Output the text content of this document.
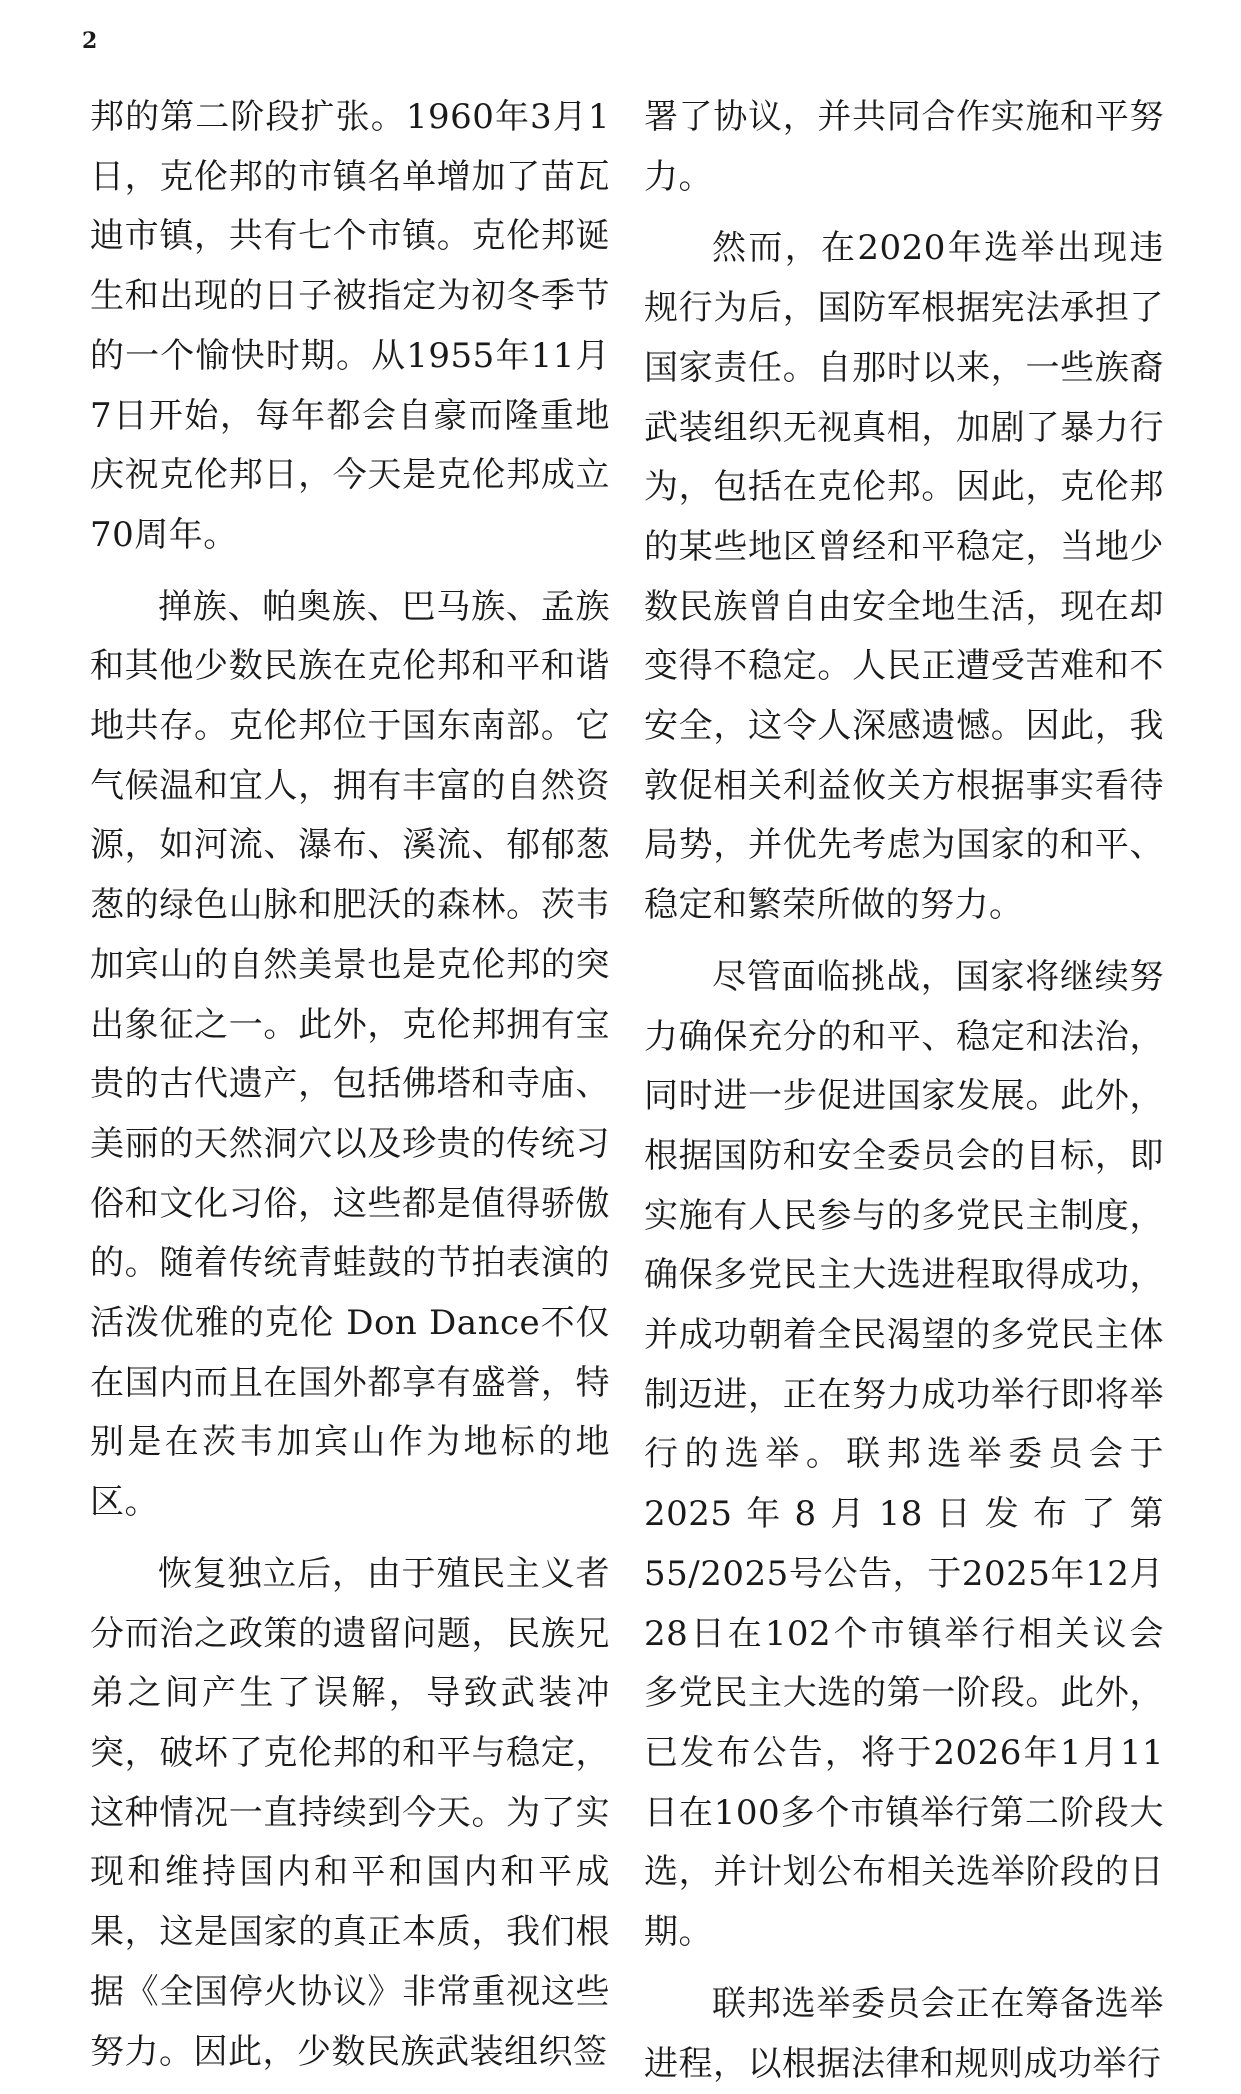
2

邦的第二阶段扩张。1960年3月1日，克伦邦的市镇名单增加了苗瓦迪市镇，共有七个市镇。克伦邦诞生和出现的日子被指定为初冬季节的一个愉快时期。从1955年11月7日开始，每年都会自豪而隆重地庆祝克伦邦日，今天是克伦邦成立70周年。

掸族、帕奥族、巴马族、孟族和其他少数民族在克伦邦和平和谐地共存。克伦邦位于国东南部。它气候温和宜人，拥有丰富的自然资源，如河流、瀑布、溪流、郁郁葱葱的绿色山脉和肥沃的森林。茨韦加宾山的自然美景也是克伦邦的突出象征之一。此外，克伦邦拥有宝贵的古代遗产，包括佛塔和寺庙、美丽的天然洞穴以及珍贵的传统习俗和文化习俗，这些都是值得骄傲的。随着传统青蛙鼓的节拍表演的活泼优雅的克伦 Don Dance不仅在国内而且在国外都享有盛誉，特别是在茨韦加宾山作为地标的地区。

恢复独立后，由于殖民主义者分而治之政策的遗留问题，民族兄弟之间产生了误解，导致武装冲突，破坏了克伦邦的和平与稳定，这种情况一直持续到今天。为了实现和维持国内和平和国内和平成果，这是国家的真正本质，我们根据《全国停火协议》非常重视这些努力。因此，少数民族武装组织签

署了协议，并共同合作实施和平努力。

然而，在2020年选举出现违规行为后，国防军根据宪法承担了国家责任。自那时以来，一些族裔武装组织无视真相，加剧了暴力行为，包括在克伦邦。因此，克伦邦的某些地区曾经和平稳定，当地少数民族曾自由安全地生活，现在却变得不稳定。人民正遭受苦难和不安全，这令人深感遗憾。因此，我敦促相关利益攸关方根据事实看待局势，并优先考虑为国家的和平、稳定和繁荣所做的努力。

尽管面临挑战，国家将继续努力确保充分的和平、稳定和法治，同时进一步促进国家发展。此外，根据国防和安全委员会的目标，即实施有人民参与的多党民主制度，确保多党民主大选进程取得成功，并成功朝着全民渴望的多党民主体制迈进，正在努力成功举行即将举行的选举。联邦选举委员会于2025年8月18日发布了第55/2025号公告，于2025年12月28日在102个市镇举行相关议会多党民主大选的第一阶段。此外，已发布公告，将于2026年1月11日在100多个市镇举行第二阶段大选，并计划公布相关选举阶段的日期。

联邦选举委员会正在筹备选举进程，以根据法律和规则成功举行
